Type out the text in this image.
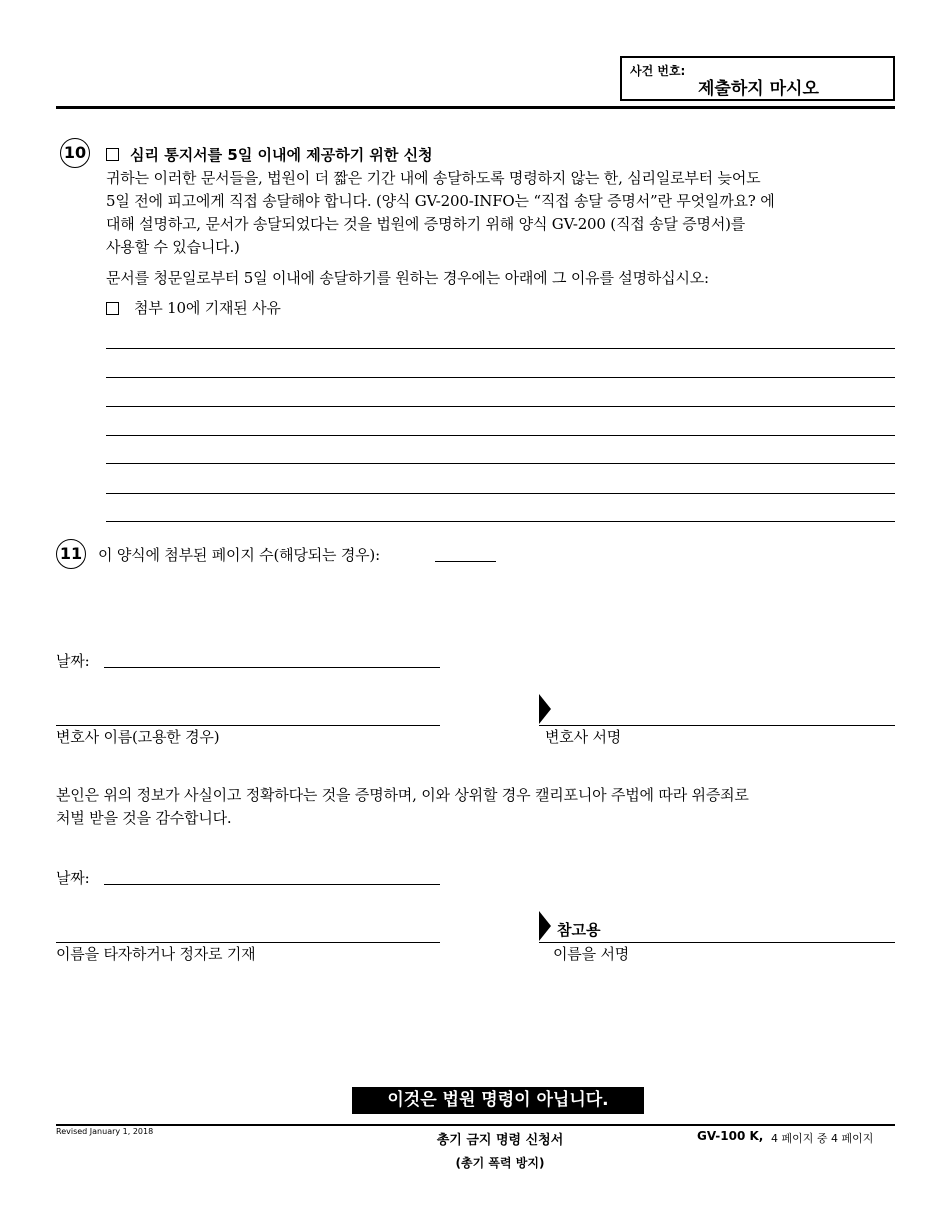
사건 번호:
제출하지 마시오
10	심리 통지서를 5일 이내에 제공하기 위한 신청
귀하는 이러한 문서들을, 법원이 더 짧은 기간 내에 송달하도록 명령하지 않는 한, 심리일로부터 늦어도
5일 전에 피고에게 직접 송달해야 합니다. (양식 GV-200-INFO는 “직접 송달 증명서”란 무엇일까요? 에
대해 설명하고, 문서가 송달되었다는 것을 법원에 증명하기 위해 양식 GV-200 (직접 송달 증명서)를
사용할 수 있습니다.)
문서를 청문일로부터 5일 이내에 송달하기를 원하는 경우에는 아래에 그 이유를 설명하십시오:
첨부 10에 기재된 사유
11 이 양식에 첨부된 페이지 수(해당되는 경우):
날짜:
변호사 이름(고용한 경우)	변호사 서명
본인은 위의 정보가 사실이고 정확하다는 것을 증명하며, 이와 상위할 경우 캘리포니아 주법에 따라 위증죄로
처벌 받을 것을 감수합니다.
날짜:
이름을 타자하거나 정자로 기재
참고용
이름을 서명
이것은 법원 명령이 아닙니다.
Revised January 1, 2018
총기 금지 명령 신청서
(총기 폭력 방지)
GV-100 K, 4 페이지 중 4 페이지
